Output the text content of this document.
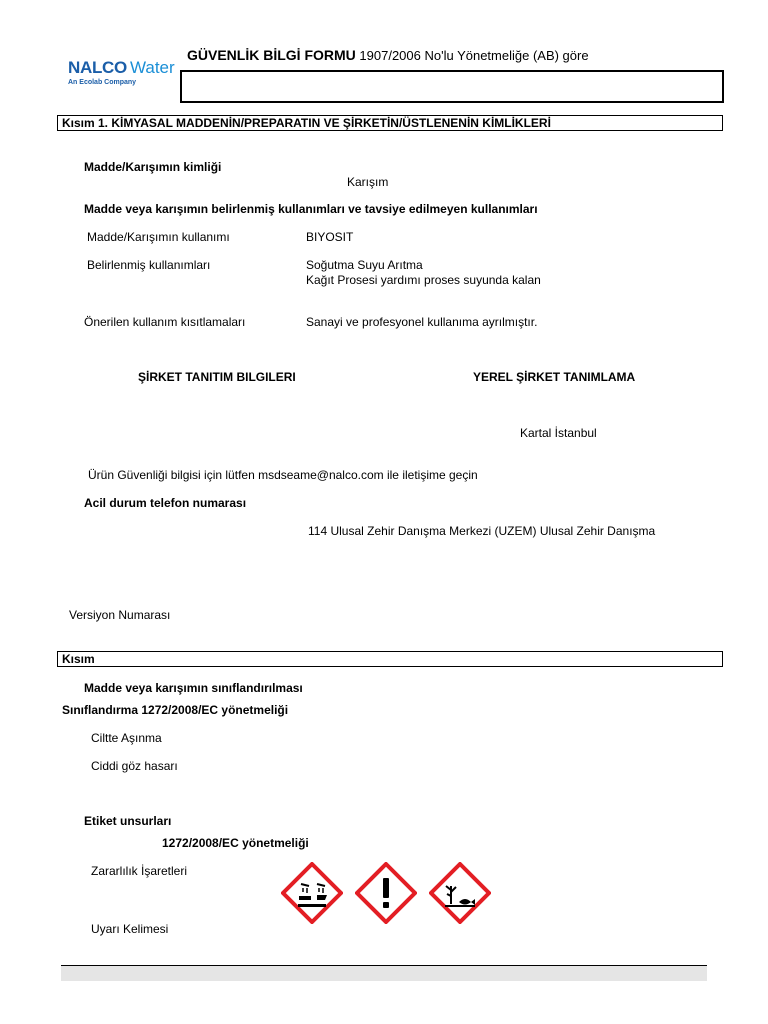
NALCO Water
An Ecolab Company
GÜVENLİK BİLGİ FORMU 1907/2006 No'lu Yönetmeliğe (AB) göre
Kısım 1. KİMYASAL MADDENİN/PREPARATIN VE ŞİRKETİN/ÜSTLENENİN KİMLİKLERİ
Madde/Karışımın kimliği
Karışım
Madde veya karışımın belirlenmiş kullanımları ve tavsiye edilmeyen kullanımları
Madde/Karışımın kullanımı	BIYOSIT
Belirlenmiş kullanımları	Soğutma Suyu Arıtma
Kağıt Prosesi yardımı proses suyunda kalan
Önerilen kullanım kısıtlamaları	Sanayi ve profesyonel kullanıma ayrılmıştır.
ŞİRKET TANITIM BILGILERI	YEREL ŞİRKET TANIMLAMA
Kartal İstanbul
Ürün Güvenliği bilgisi için lütfen msdseame@nalco.com ile iletişime geçin
Acil durum telefon numarası
114 Ulusal Zehir Danışma Merkezi (UZEM) Ulusal Zehir Danışma
Versiyon Numarası
Kısım
Madde veya karışımın sınıflandırılması
Sınıflandırma 1272/2008/EC yönetmeliği
Ciltte Aşınma
Ciddi göz hasarı
Etiket unsurları
1272/2008/EC yönetmeliği
Zararlılık İşaretleri
Uyarı Kelimesi
